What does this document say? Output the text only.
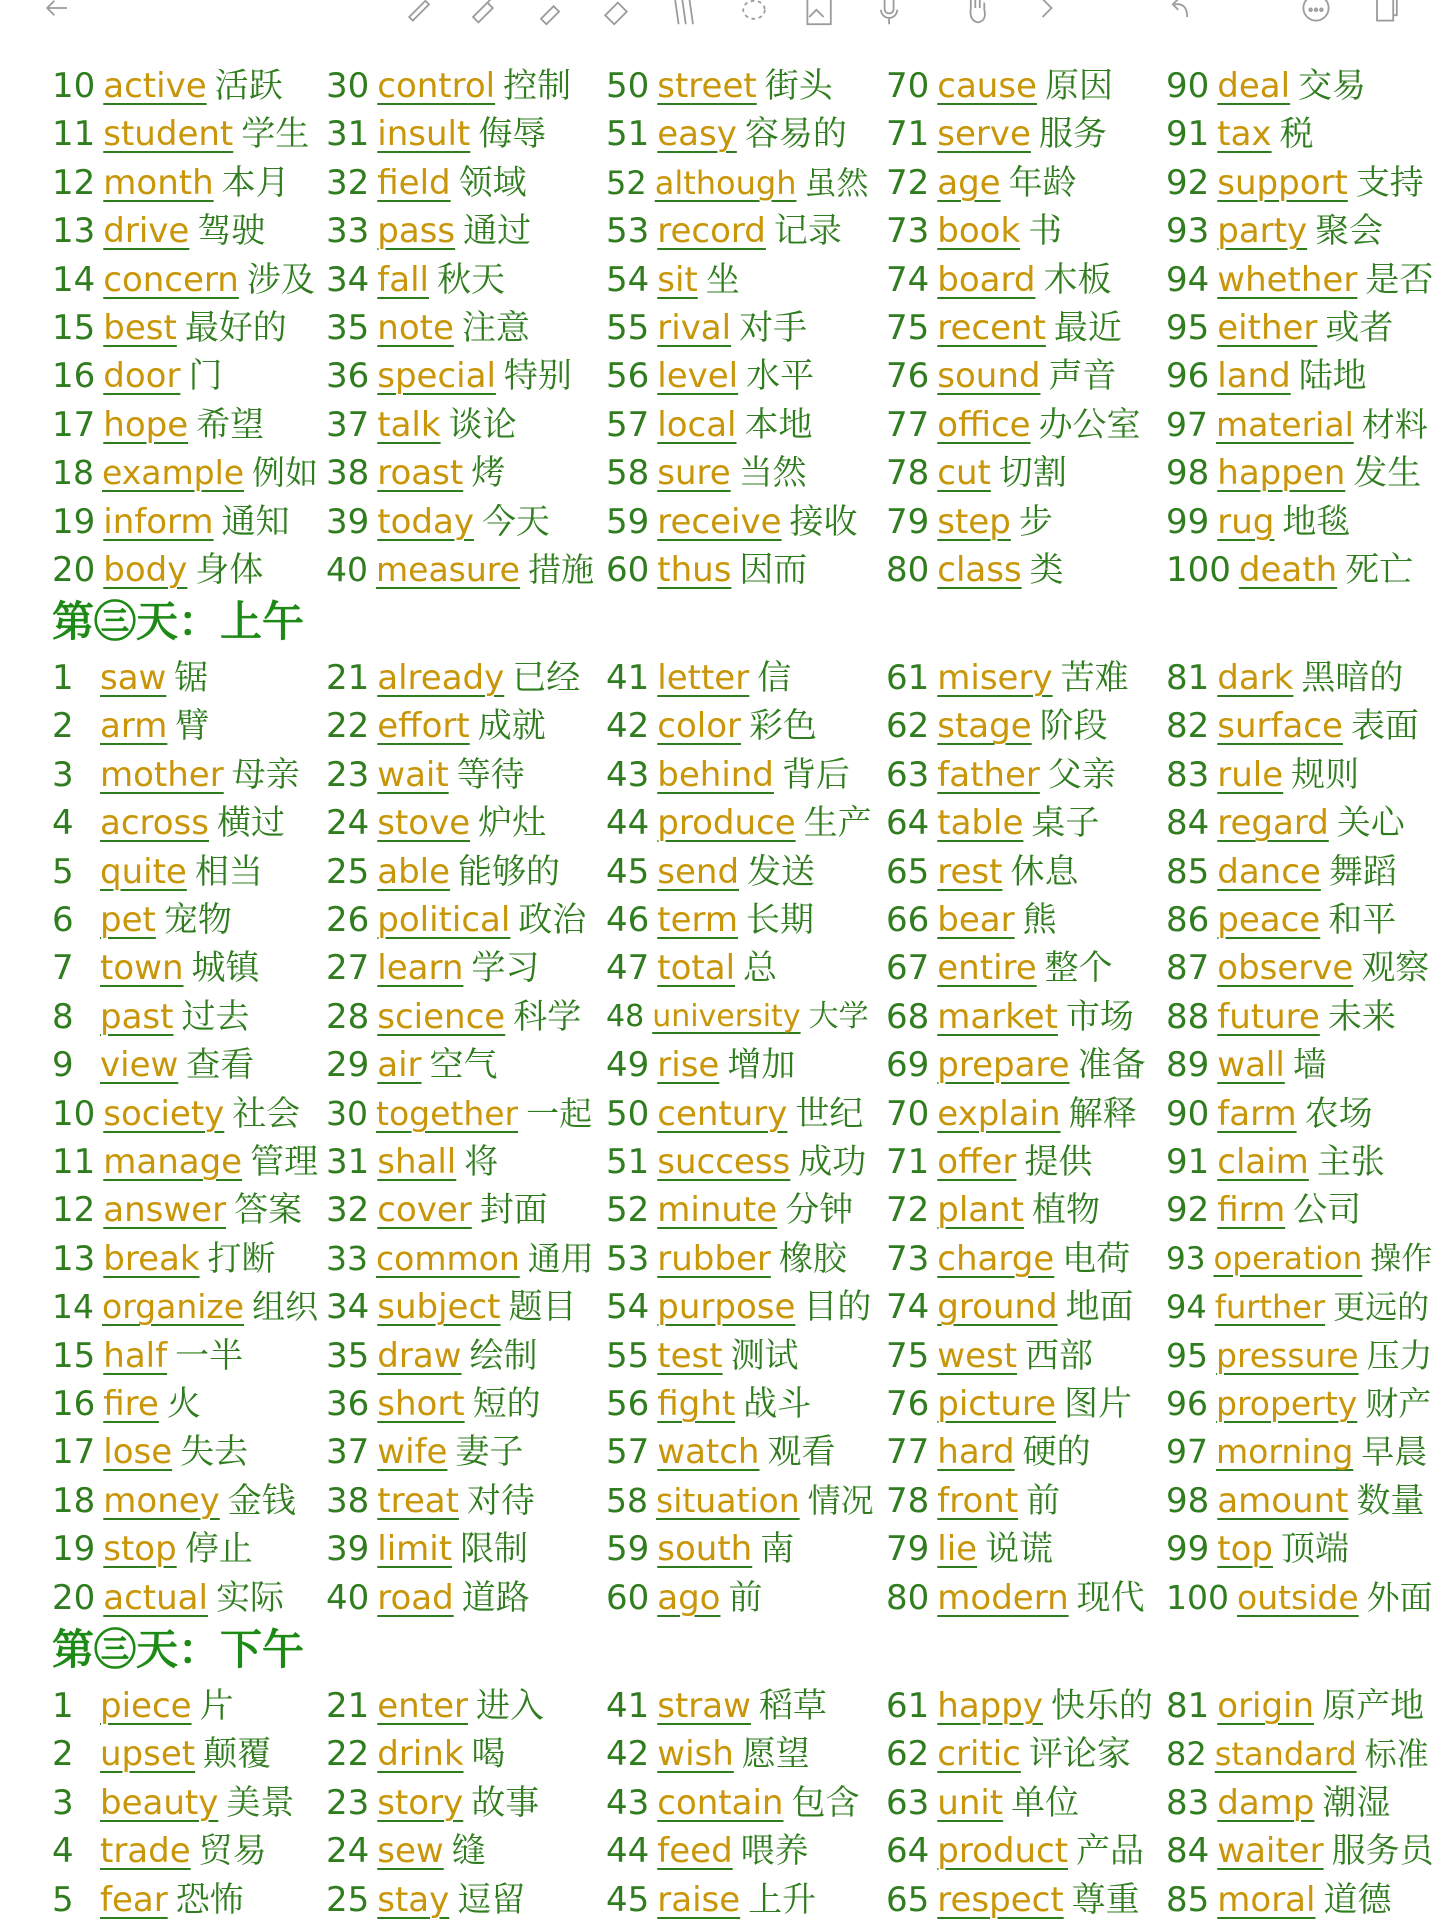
10 active 活跃
11 student 学生
12 month 本月
13 drive 驾驶
14 concern 涉及
15 best 最好的
16 door 门
17 hope 希望
18 example 例如
19 inform 通知
20 body 身体
30 control 控制
31 insult 侮辱
32 field 领域
33 pass 通过
34 fall 秋天
35 note 注意
36 special 特别
37 talk 谈论
38 roast 烤
39 today 今天
40 measure 措施
50 street 街头
51 easy 容易的
52 although 虽然
53 record 记录
54 sit 坐
55 rival 对手
56 level 水平
57 local 本地
58 sure 当然
59 receive 接收
60 thus 因而
70 cause 原因
71 serve 服务
72 age 年龄
73 book 书
74 board 木板
75 recent 最近
76 sound 声音
77 office 办公室
78 cut 切割
79 step 步
80 class 类
90 deal 交易
91 tax 税
92 support 支持
93 party 聚会
94 whether 是否
95 either 或者
96 land 陆地
97 material 材料
98 happen 发生
99 rug 地毯
100 death 死亡
第㊂天：上午
1 saw 锯
2 arm 臂
3 mother 母亲
4 across 横过
5 quite 相当
6 pet 宠物
7 town 城镇
8 past 过去
9 view 查看
10 society 社会
11 manage 管理
12 answer 答案
13 break 打断
14 organize 组织
15 half 一半
16 fire 火
17 lose 失去
18 money 金钱
19 stop 停止
20 actual 实际
21 already 已经
22 effort 成就
23 wait 等待
24 stove 炉灶
25 able 能够的
26 political 政治
27 learn 学习
28 science 科学
29 air 空气
30 together 一起
31 shall 将
32 cover 封面
33 common 通用
34 subject 题目
35 draw 绘制
36 short 短的
37 wife 妻子
38 treat 对待
39 limit 限制
40 road 道路
41 letter 信
42 color 彩色
43 behind 背后
44 produce 生产
45 send 发送
46 term 长期
47 total 总
48 university 大学
49 rise 增加
50 century 世纪
51 success 成功
52 minute 分钟
53 rubber 橡胶
54 purpose 目的
55 test 测试
56 fight 战斗
57 watch 观看
58 situation 情况
59 south 南
60 ago 前
61 misery 苦难
62 stage 阶段
63 father 父亲
64 table 桌子
65 rest 休息
66 bear 熊
67 entire 整个
68 market 市场
69 prepare 准备
70 explain 解释
71 offer 提供
72 plant 植物
73 charge 电荷
74 ground 地面
75 west 西部
76 picture 图片
77 hard 硬的
78 front 前
79 lie 说谎
80 modern 现代
81 dark 黑暗的
82 surface 表面
83 rule 规则
84 regard 关心
85 dance 舞蹈
86 peace 和平
87 observe 观察
88 future 未来
89 wall 墙
90 farm 农场
91 claim 主张
92 firm 公司
93 operation 操作
94 further 更远的
95 pressure 压力
96 property 财产
97 morning 早晨
98 amount 数量
99 top 顶端
100 outside 外面
第㊂天：下午
1 piece 片
2 upset 颠覆
3 beauty 美景
4 trade 贸易
5 fear 恐怖
21 enter 进入
22 drink 喝
23 story 故事
24 sew 缝
25 stay 逗留
41 straw 稻草
42 wish 愿望
43 contain 包含
44 feed 喂养
45 raise 上升
61 happy 快乐的
62 critic 评论家
63 unit 单位
64 product 产品
65 respect 尊重
81 origin 原产地
82 standard 标准
83 damp 潮湿
84 waiter 服务员
85 moral 道德
